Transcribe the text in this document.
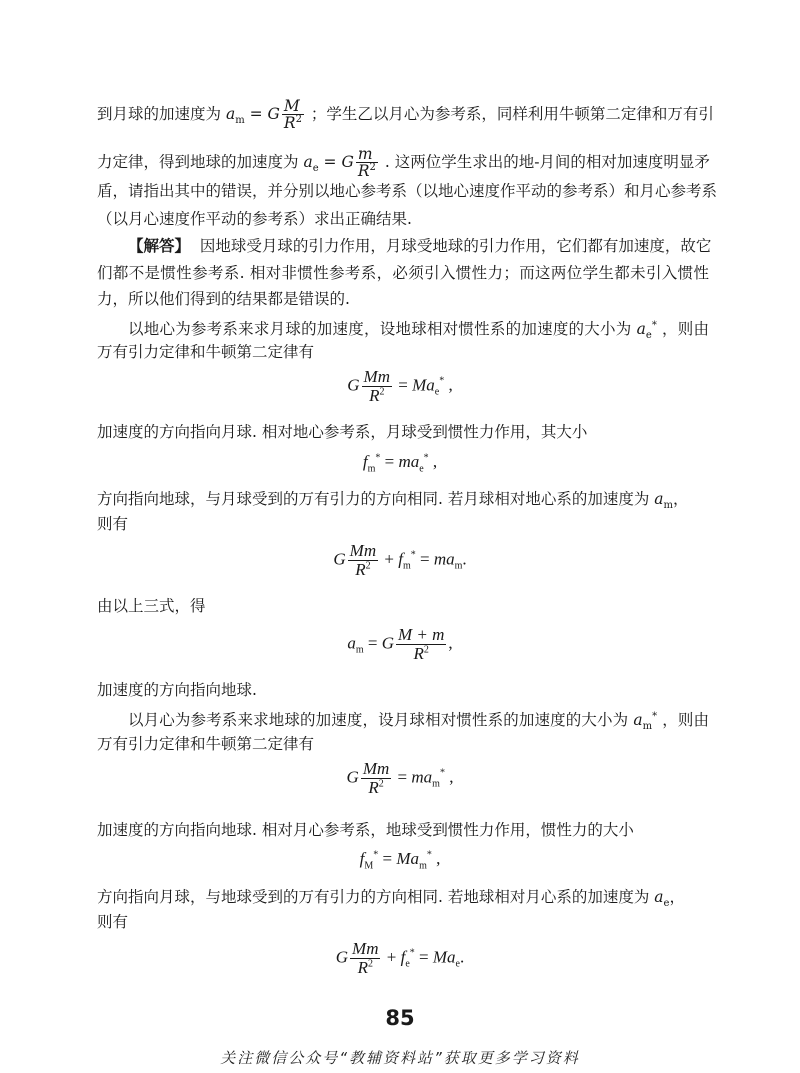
到月球的加速度为 $a_m = G \frac{M}{R^2}$ ；学生乙以月心为参考系，同样利用牛顿第二定律和万有引
力定律，得到地球的加速度为 $a_e = G \frac{m}{R^2}$ . 这两位学生求出的地-月间的相对加速度明显矛
盾，请指出其中的错误，并分别以地心参考系（以地心速度作平动的参考系）和月心参考系
（以月心速度作平动的参考系）求出正确结果.
【解答】 因地球受月球的引力作用，月球受地球的引力作用，它们都有加速度，故它
们都不是惯性参考系. 相对非惯性参考系，必须引入惯性力；而这两位学生都未引入惯性
力，所以他们得到的结果都是错误的.
以地心为参考系来求月球的加速度，设地球相对惯性系的加速度的大小为 $a_e^*$ ，则由
万有引力定律和牛顿第二定律有
G $\frac{Mm}{R^2} = Ma_e^*$ ,
加速度的方向指向月球. 相对地心参考系，月球受到惯性力作用，其大小
$f_m^* = ma_e^*$ ,
方向指向地球，与月球受到的万有引力的方向相同. 若月球相对地心系的加速度为 $a_m$，
则有
G $\frac{Mm}{R^2} + f_m^* = ma_m$.
由以上三式，得
$a_m = G \frac{M + m}{R^2}$ ,
加速度的方向指向地球.
以月心为参考系来求地球的加速度，设月球相对惯性系的加速度的大小为 $a_m^*$ ，则由
万有引力定律和牛顿第二定律有
G $\frac{Mm}{R^2} = ma_m^*$ ,
加速度的方向指向地球. 相对月心参考系，地球受到惯性力作用，惯性力的大小
$f_M^* = Ma_m^*$ ,
方向指向月球，与地球受到的万有引力的方向相同. 若地球相对月心系的加速度为 $a_e$，
则有
G $\frac{Mm}{R^2} + f_e^* = Ma_e$.
85
关注微信公众号“教辅资料站”获取更多学习资料
